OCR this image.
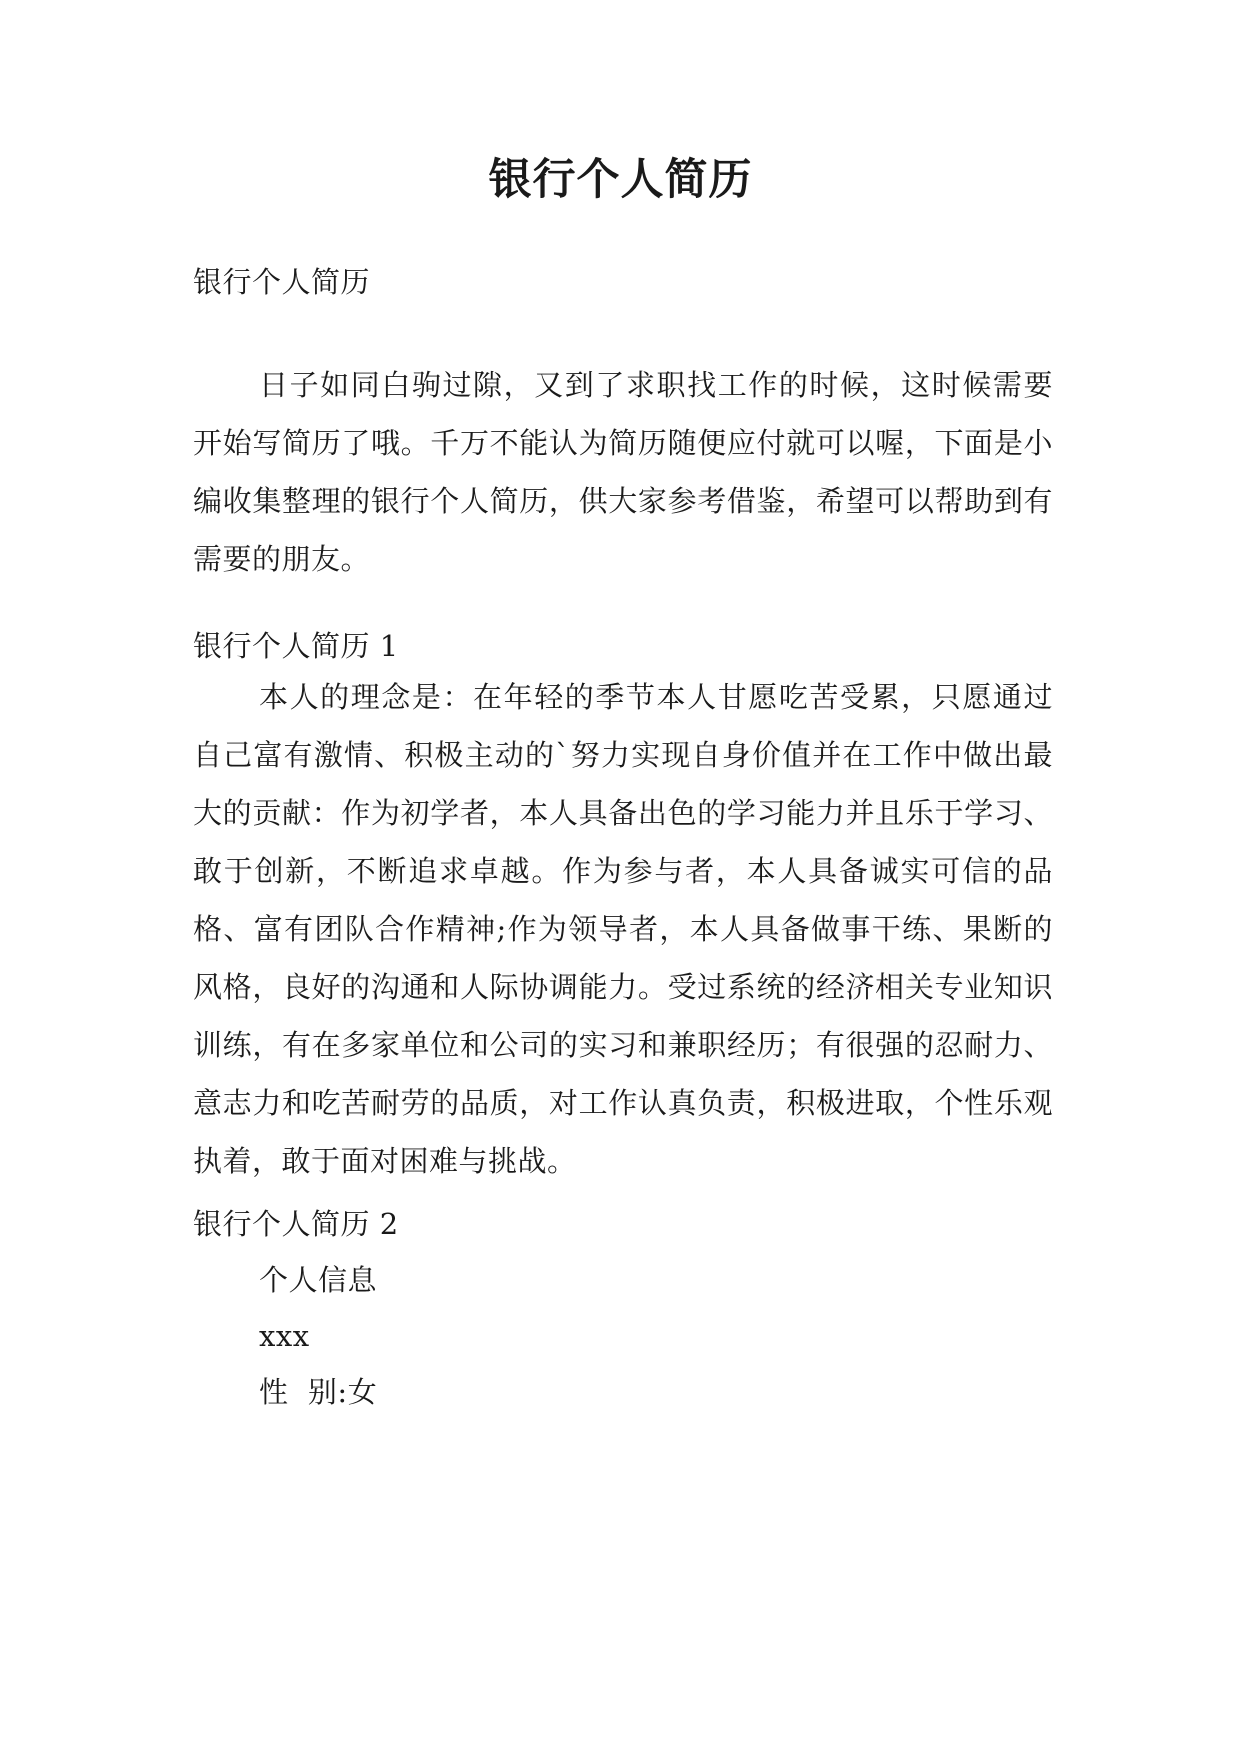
银行个人简历
银行个人简历
日子如同白驹过隙，又到了求职找工作的时候，这时候需要开始写简历了哦。千万不能认为简历随便应付就可以喔，下面是小编收集整理的银行个人简历，供大家参考借鉴，希望可以帮助到有需要的朋友。
银行个人简历 1
本人的理念是：在年轻的季节本人甘愿吃苦受累，只愿通过自己富有激情、积极主动的`努力实现自身价值并在工作中做出最大的贡献：作为初学者，本人具备出色的学习能力并且乐于学习、敢于创新，不断追求卓越。作为参与者，本人具备诚实可信的品格、富有团队合作精神;作为领导者，本人具备做事干练、果断的风格，良好的沟通和人际协调能力。受过系统的经济相关专业知识训练，有在多家单位和公司的实习和兼职经历；有很强的忍耐力、意志力和吃苦耐劳的品质，对工作认真负责，积极进取，个性乐观执着，敢于面对困难与挑战。
银行个人简历 2
个人信息
xxx
性  别:女
